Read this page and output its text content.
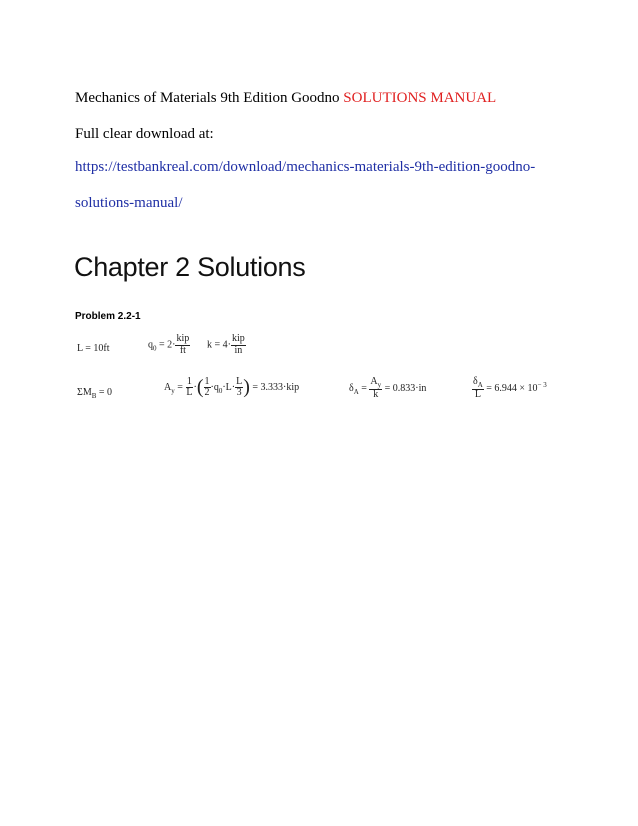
Mechanics of Materials 9th Edition Goodno SOLUTIONS MANUAL
Full clear download at:
https://testbankreal.com/download/mechanics-materials-9th-edition-goodno-
solutions-manual/
Chapter 2 Solutions
Problem 2.2-1
L = 10ft	$q_0 = 2\cdot \frac{\text{kip}}{ft}$ $k = 4\cdot \frac{\text{kip}}{in}$
$\Sigma M_B = 0$	$A_y = \frac{1}{L}$ ·( $\frac{1}{2} \cdot q_0\cdot L\cdot \frac{L}{3}$ ) = 3.333·kip	$\delta_A = \frac{A_y}{k} = 0.833\cdot in$	$\frac{\delta_A}{L} = 6.944 \times 10^{- 3}$
